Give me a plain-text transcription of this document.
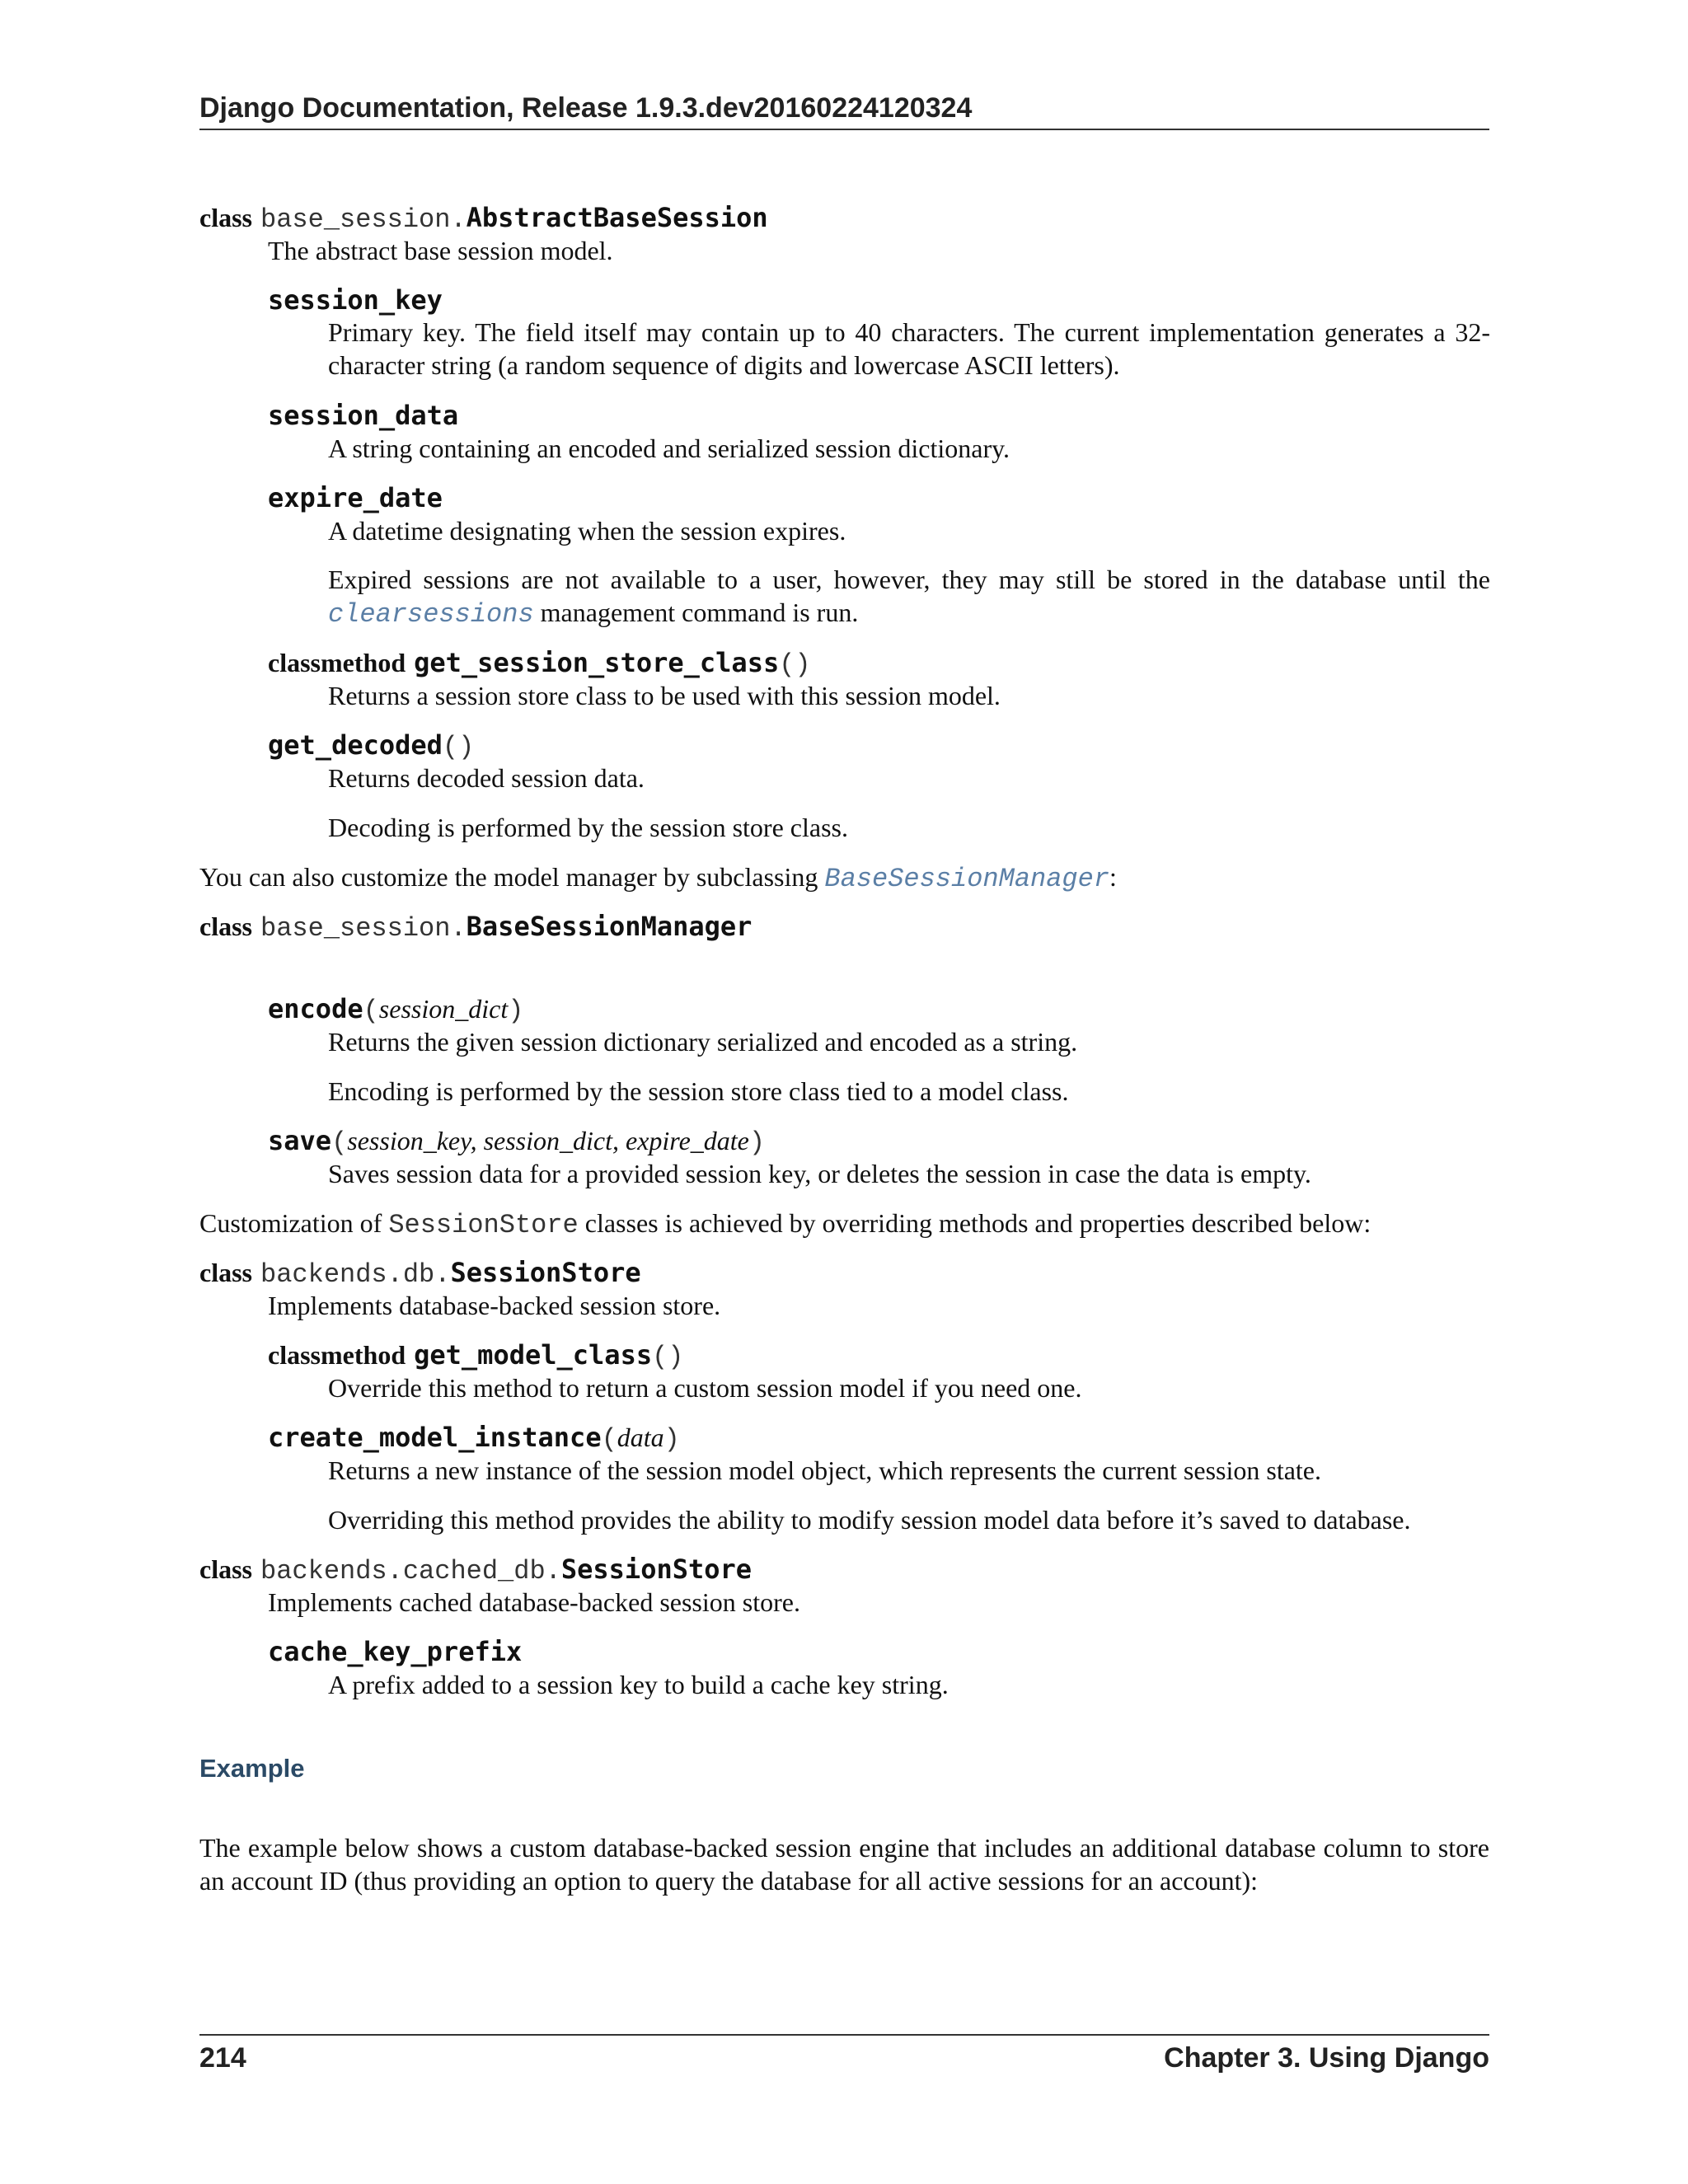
Django Documentation, Release 1.9.3.dev20160224120324
class base_session.AbstractBaseSession
The abstract base session model.
session_key
Primary key. The field itself may contain up to 40 characters. The current implementation generates a 32-character string (a random sequence of digits and lowercase ASCII letters).
session_data
A string containing an encoded and serialized session dictionary.
expire_date
A datetime designating when the session expires.
Expired sessions are not available to a user, however, they may still be stored in the database until the clearsessions management command is run.
classmethod get_session_store_class()
Returns a session store class to be used with this session model.
get_decoded()
Returns decoded session data.
Decoding is performed by the session store class.
You can also customize the model manager by subclassing BaseSessionManager:
class base_session.BaseSessionManager
encode(session_dict)
Returns the given session dictionary serialized and encoded as a string.
Encoding is performed by the session store class tied to a model class.
save(session_key, session_dict, expire_date)
Saves session data for a provided session key, or deletes the session in case the data is empty.
Customization of SessionStore classes is achieved by overriding methods and properties described below:
class backends.db.SessionStore
Implements database-backed session store.
classmethod get_model_class()
Override this method to return a custom session model if you need one.
create_model_instance(data)
Returns a new instance of the session model object, which represents the current session state.
Overriding this method provides the ability to modify session model data before it’s saved to database.
class backends.cached_db.SessionStore
Implements cached database-backed session store.
cache_key_prefix
A prefix added to a session key to build a cache key string.
Example
The example below shows a custom database-backed session engine that includes an additional database column to store an account ID (thus providing an option to query the database for all active sessions for an account):
214	Chapter 3. Using Django
